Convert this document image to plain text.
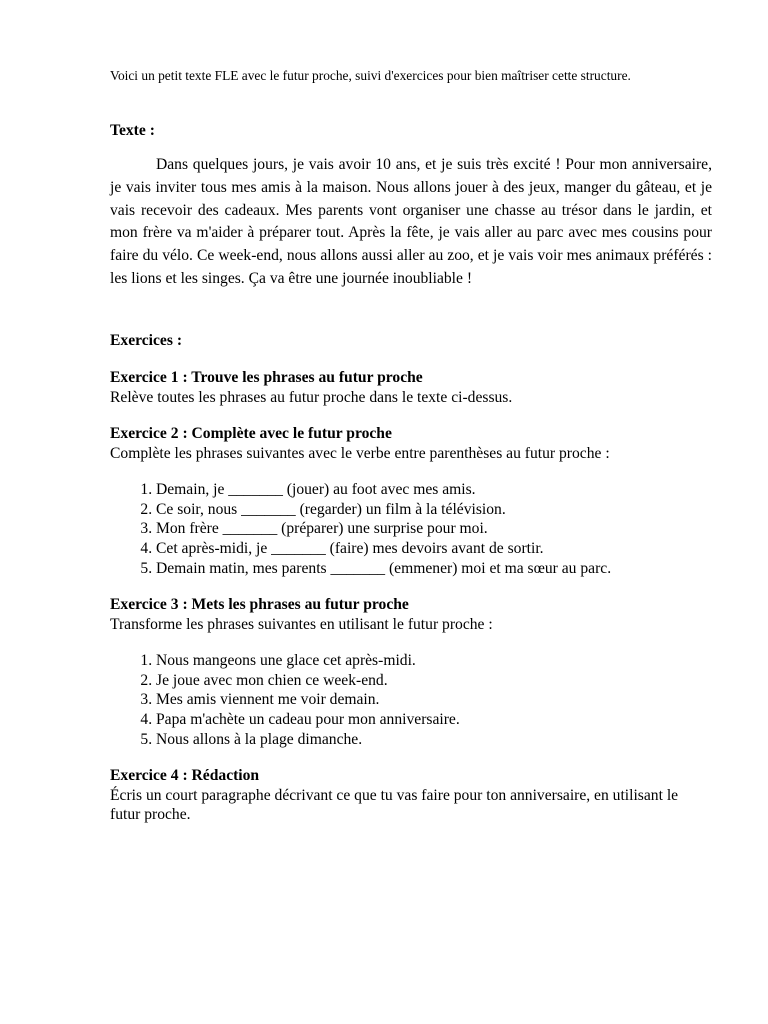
Voici un petit texte FLE avec le futur proche, suivi d'exercices pour bien maîtriser cette structure.

Texte :

Dans quelques jours, je vais avoir 10 ans, et je suis très excité ! Pour mon anniversaire, je vais inviter tous mes amis à la maison. Nous allons jouer à des jeux, manger du gâteau, et je vais recevoir des cadeaux. Mes parents vont organiser une chasse au trésor dans le jardin, et mon frère va m'aider à préparer tout. Après la fête, je vais aller au parc avec mes cousins pour faire du vélo. Ce week-end, nous allons aussi aller au zoo, et je vais voir mes animaux préférés : les lions et les singes. Ça va être une journée inoubliable !

Exercices :

Exercice 1 : Trouve les phrases au futur proche

Relève toutes les phrases au futur proche dans le texte ci-dessus.

Exercice 2 : Complète avec le futur proche

Complète les phrases suivantes avec le verbe entre parenthèses au futur proche :

1. Demain, je _______ (jouer) au foot avec mes amis.
2. Ce soir, nous _______ (regarder) un film à la télévision.
3. Mon frère _______ (préparer) une surprise pour moi.
4. Cet après-midi, je _______ (faire) mes devoirs avant de sortir.
5. Demain matin, mes parents _______ (emmener) moi et ma sœur au parc.

Exercice 3 : Mets les phrases au futur proche

Transforme les phrases suivantes en utilisant le futur proche :

1. Nous mangeons une glace cet après-midi.
2. Je joue avec mon chien ce week-end.
3. Mes amis viennent me voir demain.
4. Papa m'achète un cadeau pour mon anniversaire.
5. Nous allons à la plage dimanche.

Exercice 4 : Rédaction

Écris un court paragraphe décrivant ce que tu vas faire pour ton anniversaire, en utilisant le futur proche.
